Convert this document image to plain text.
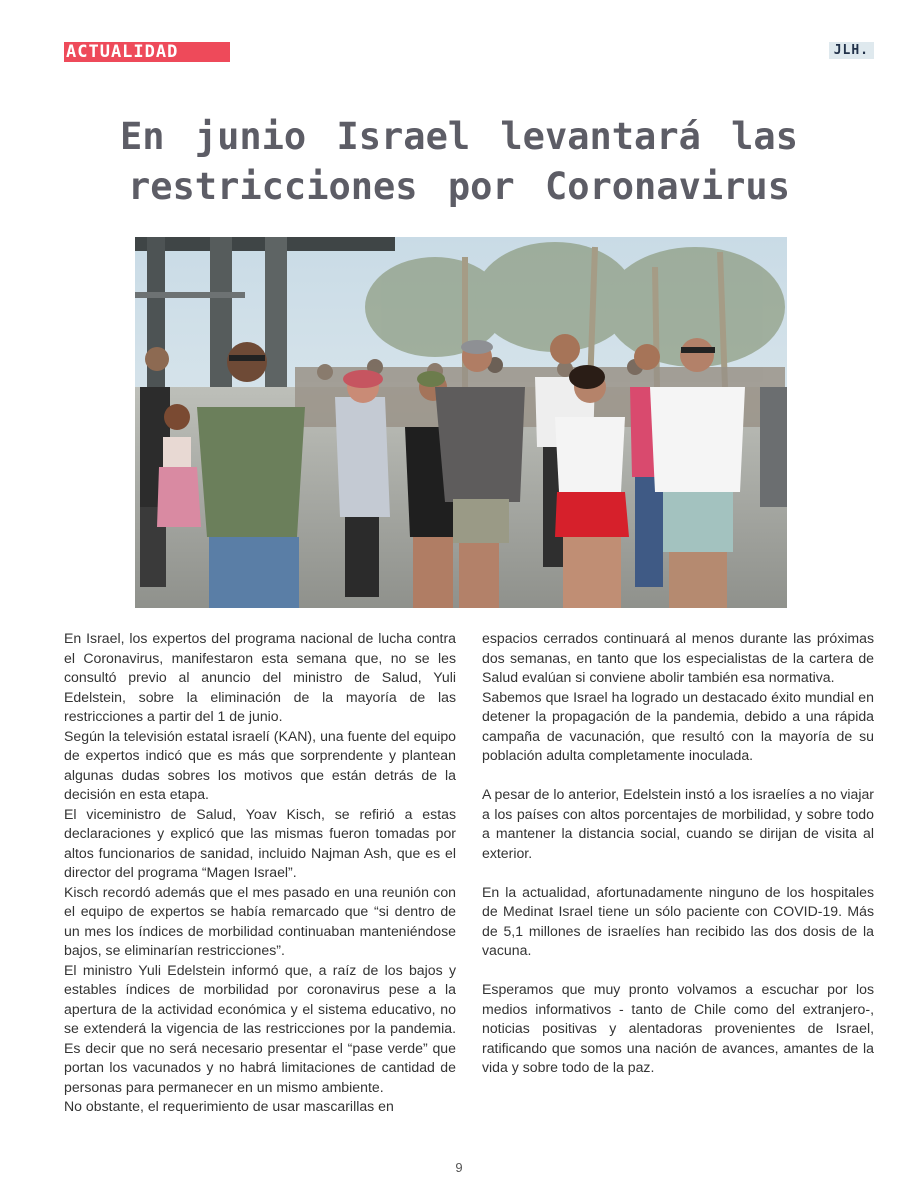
ACTUALIDAD	JLH.
En junio Israel levantará las restricciones por Coronavirus

En Israel, los expertos del programa nacional de lucha contra el Coronavirus, manifestaron esta semana que, no se les consultó previo al anuncio del ministro de Salud, Yuli Edelstein, sobre la eliminación de la mayoría de las restricciones a partir del 1 de junio.

Según la televisión estatal israelí (KAN), una fuente del equipo de expertos indicó que es más que sorprendente y plantean algunas dudas sobres los motivos que están detrás de la decisión en esta etapa.

El viceministro de Salud, Yoav Kisch, se refirió a estas declaraciones y explicó que las mismas fueron tomadas por altos funcionarios de sanidad, incluido Najman Ash, que es el director del programa “Magen Israel”.

Kisch recordó además que el mes pasado en una reunión con el equipo de expertos se había remarcado que “si dentro de un mes los índices de morbilidad continuaban manteniéndose bajos, se eliminarían restricciones”.

El ministro Yuli Edelstein informó que, a raíz de los bajos y estables índices de morbilidad por coronavirus pese a la apertura de la actividad económica y el sistema educativo, no se extenderá la vigencia de las restricciones por la pandemia. Es decir que no será necesario presentar el “pase verde” que portan los vacunados y no habrá limitaciones de cantidad de personas para permanecer en un mismo ambiente.

No obstante, el requerimiento de usar mascarillas en

espacios cerrados continuará al menos durante las próximas dos semanas, en tanto que los especialistas de la cartera de Salud evalúan si conviene abolir también esa normativa.

Sabemos que Israel ha logrado un destacado éxito mundial en detener la propagación de la pandemia, debido a una rápida campaña de vacunación, que resultó con la mayoría de su población adulta completamente inoculada.

A pesar de lo anterior, Edelstein instó a los israelíes a no viajar a los países con altos porcentajes de morbilidad, y sobre todo a mantener la distancia social, cuando se dirijan de visita al exterior.

En la actualidad, afortunadamente ninguno de los hospitales de Medinat Israel tiene un sólo paciente con COVID-19. Más de 5,1 millones de israelíes han recibido las dos dosis de la vacuna.

Esperamos que muy pronto volvamos a escuchar por los medios informativos - tanto de Chile como del extranjero-, noticias positivas y alentadoras provenientes de Israel, ratificando que somos una nación de avances, amantes de la vida y sobre todo de la paz.

9
